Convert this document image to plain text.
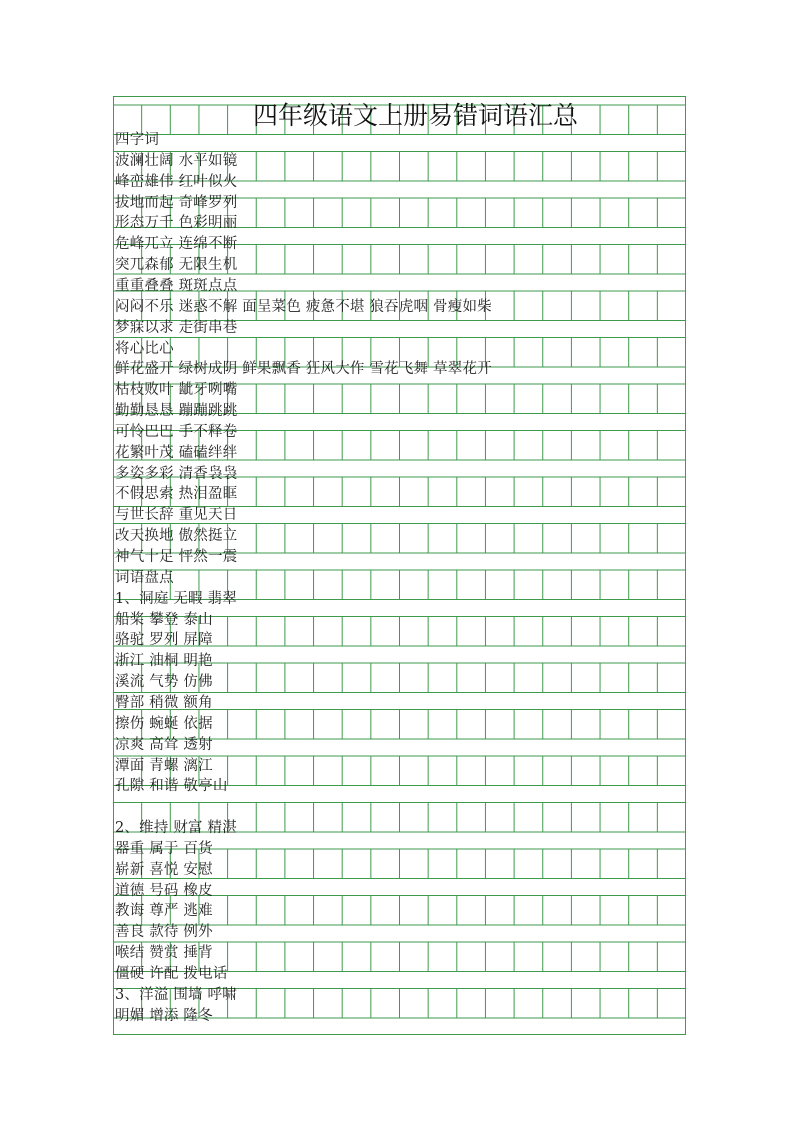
四年级语文上册易错词语汇总
四字词
波澜壮阔 水平如镜
峰峦雄伟 红叶似火
拔地而起 奇峰罗列
形态万千 色彩明丽
危峰兀立 连绵不断
突兀森郁 无限生机
重重叠叠 斑斑点点
闷闷不乐 迷惑不解 面呈菜色 疲惫不堪 狼吞虎咽 骨瘦如柴
梦寐以求 走街串巷
将心比心
鲜花盛开 绿树成阴 鲜果飘香 狂风大作 雪花飞舞 草翠花开
枯枝败叶 龇牙咧嘴
勤勤恳恳 蹦蹦跳跳
可怜巴巴 手不释卷
花繁叶茂 磕磕绊绊
多姿多彩 清香袅袅
不假思索 热泪盈眶
与世长辞 重见天日
改天换地 傲然挺立
神气十足 怦然一震
词语盘点
1、洞庭 无暇 翡翠
船桨 攀登 泰山
骆驼 罗列 屏障
浙江 油桐 明艳
溪流 气势 仿佛
臀部 稍微 额角
擦伤 蜿蜒 依据
凉爽 高耸 透射
潭面 青螺 漓江
孔隙 和谐 敬亭山
2、维持 财富 精湛
器重 属于 百货
崭新 喜悦 安慰
道德 号码 橡皮
教诲 尊严 逃难
善良 款待 例外
喉结 赞赏 捶背
僵硬 许配 拨电话
3、洋溢 围墙 呼啸
明媚 增添 隆冬
